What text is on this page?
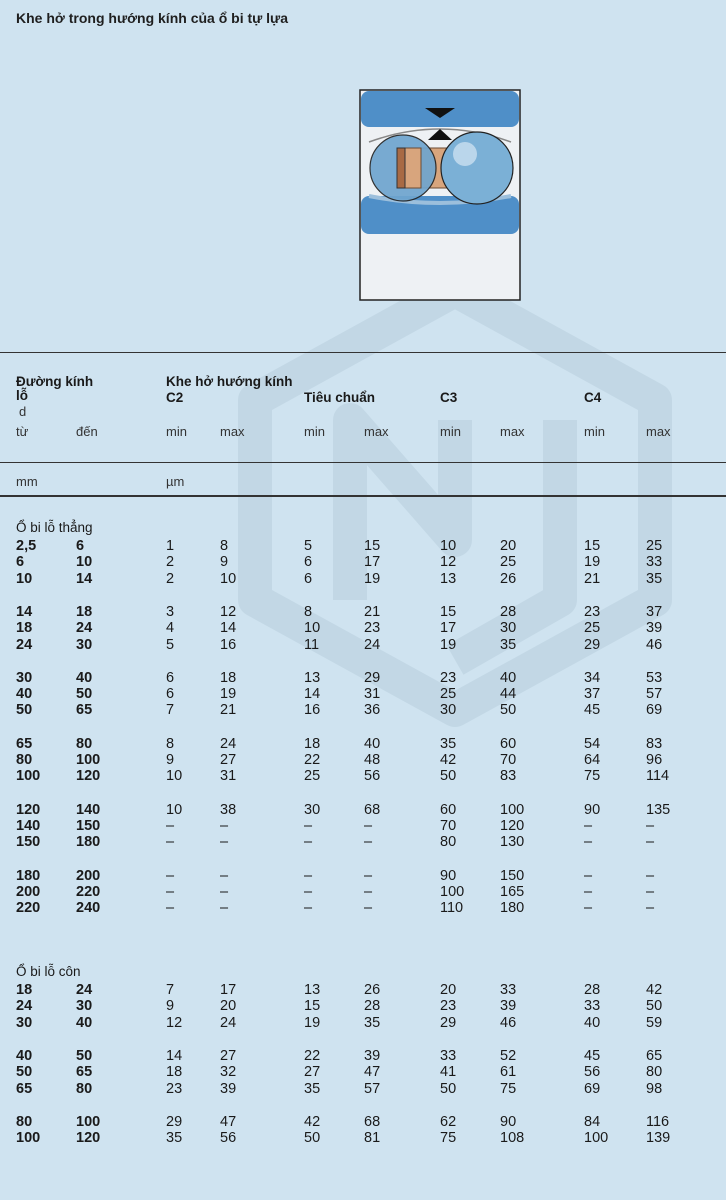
Khe hở trong hướng kính của ổ bi tự lựa
Đường kính
lỗ
d
Khe hở hướng kính
C2	Tiêu chuẩn	C3	C4
từ	đến	min	max	min	max	min	max	min	max
mm	µm
Ổ bi lỗ thẳng
Ổ bi lỗ côn
2,5	6	1	8	5	15	10	20	15	25
6	10	2	9	6	17	12	25	19	33
10	14	2	10	6	19	13	26	21	35
14	18	3	12	8	21	15	28	23	37
18	24	4	14	10	23	17	30	25	39
24	30	5	16	11	24	19	35	29	46
30	40	6	18	13	29	23	40	34	53
40	50	6	19	14	31	25	44	37	57
50	65	7	21	16	36	30	50	45	69
65	80	8	24	18	40	35	60	54	83
80	100	9	27	22	48	42	70	64	96
100 120	10	31	25	56	50	83	75	114
120 140	10	38	30	68	60	100	90	135
140 150	–	–	–	–	70	120	–	–
150 180	–	–	–	–	80	130	–	–
180 200	–	–	–	–	90	150	–	–
200 220	–	–	–	–	100 165	–	–
220 240	–	–	–	–	110	180	–	–
18	24	7	17	13	26	20	33	28	42
24	30	9	20	15	28	23	39	33	50
30	40	12	24	19	35	29	46	40	59
40	50	14	27	22	39	33	52	45	65
50	65	18	32	27	47	41	61	56	80
65	80	23	39	35	57	50	75	69	98
80	100	29	47	42	68	62	90	84	116
100 120	35	56	50	81	75	108	100	139
